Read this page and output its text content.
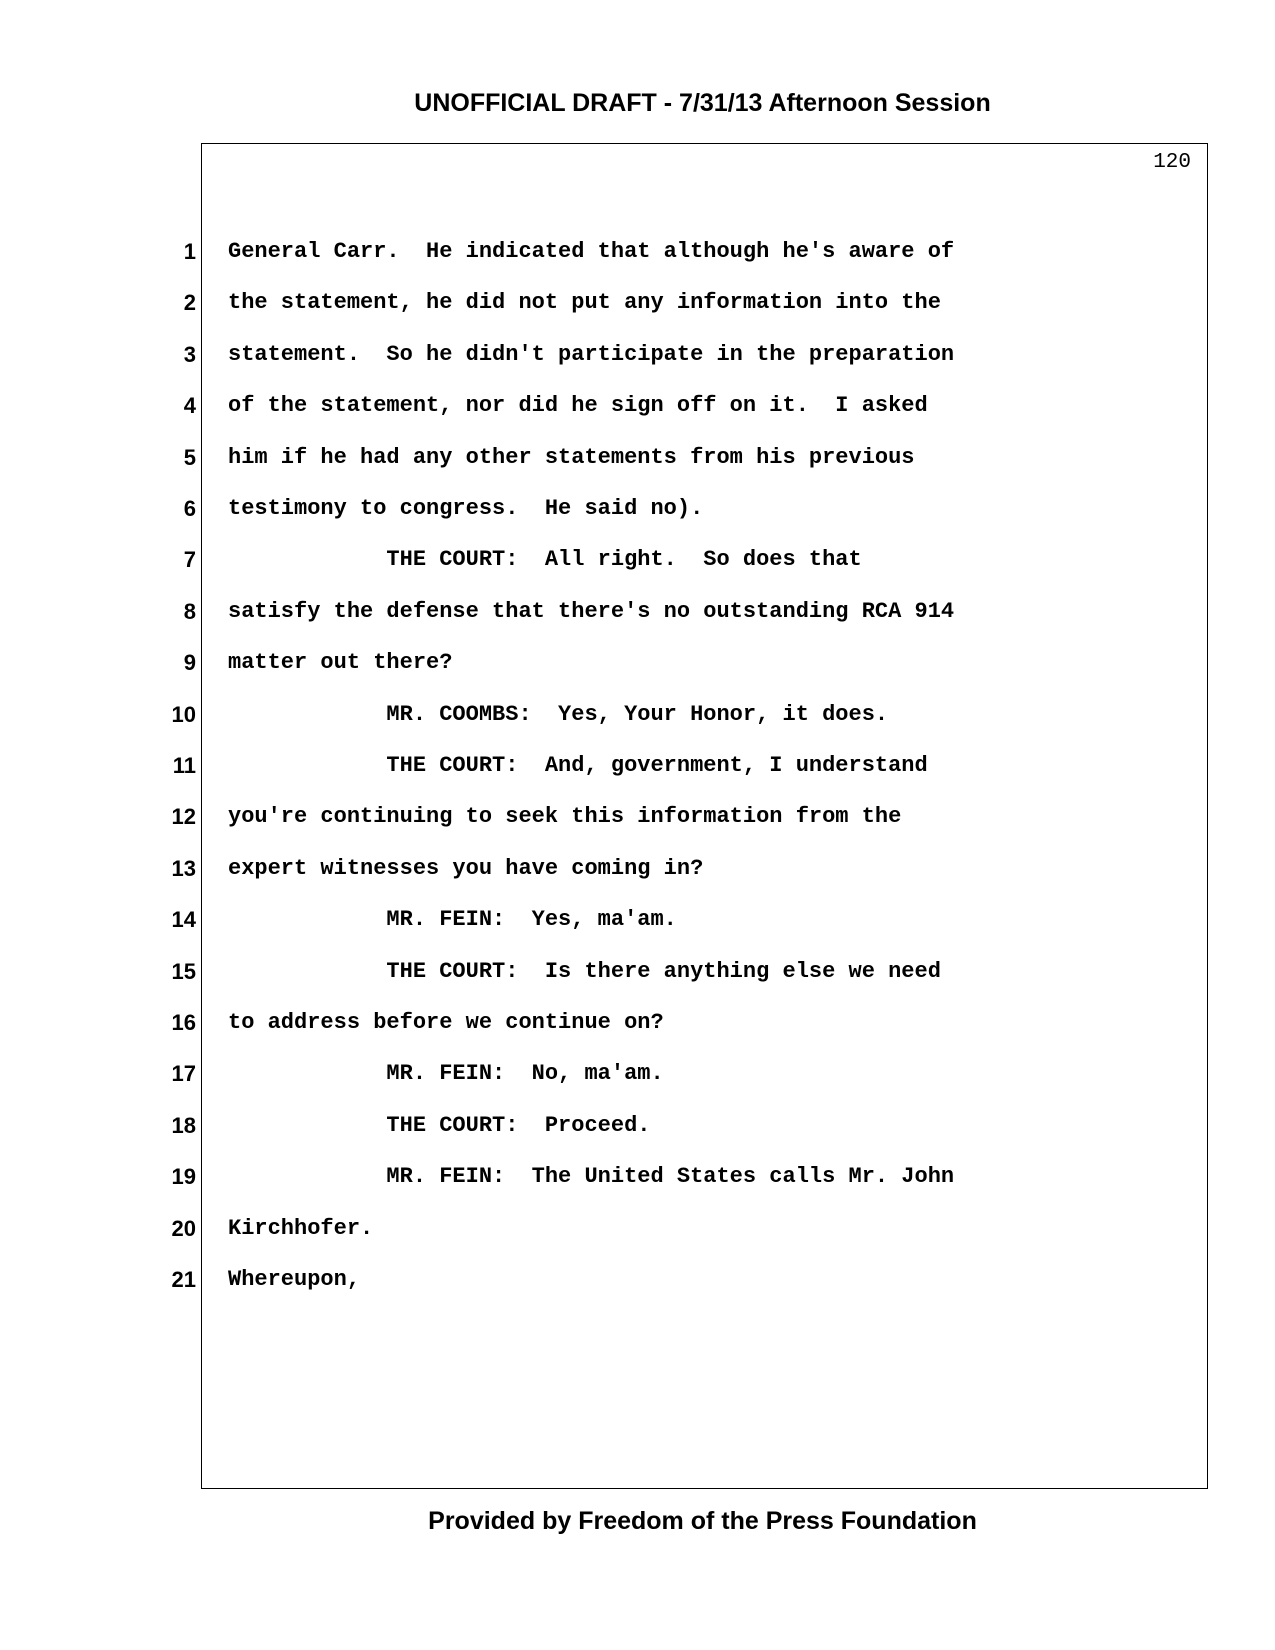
UNOFFICIAL DRAFT - 7/31/13 Afternoon Session
120
1 General Carr.  He indicated that although he's aware of
2 the statement, he did not put any information into the
3 statement.  So he didn't participate in the preparation
4 of the statement, nor did he sign off on it.  I asked
5 him if he had any other statements from his previous
6 testimony to congress.  He said no).
7 THE COURT:  All right.  So does that
8 satisfy the defense that there's no outstanding RCA 914
9 matter out there?
10 MR. COOMBS:  Yes, Your Honor, it does.
11 THE COURT:  And, government, I understand
12 you're continuing to seek this information from the
13 expert witnesses you have coming in?
14 MR. FEIN:  Yes, ma'am.
15 THE COURT:  Is there anything else we need
16 to address before we continue on?
17 MR. FEIN:  No, ma'am.
18 THE COURT:  Proceed.
19 MR. FEIN:  The United States calls Mr. John
20 Kirchhofer.
21 Whereupon,
Provided by Freedom of the Press Foundation
